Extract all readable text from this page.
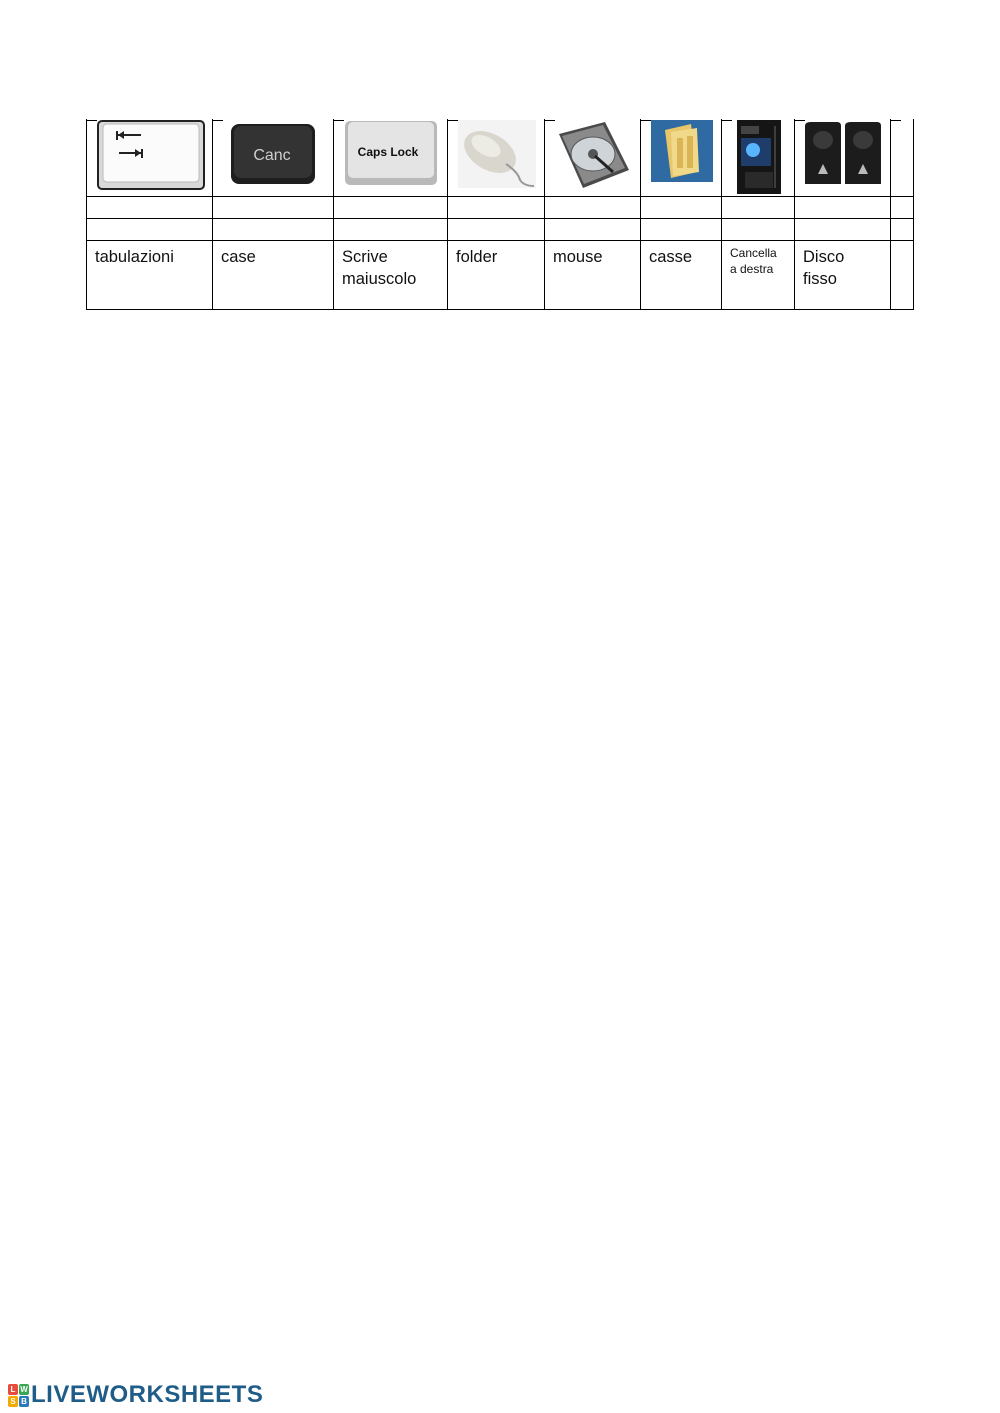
Canc	Caps Lock

tabulazioni	case	Scrive maiuscolo	folder	mouse	casse	Cancella a destra	Disco fisso	

L W
S B LIVEWORKSHEETS
